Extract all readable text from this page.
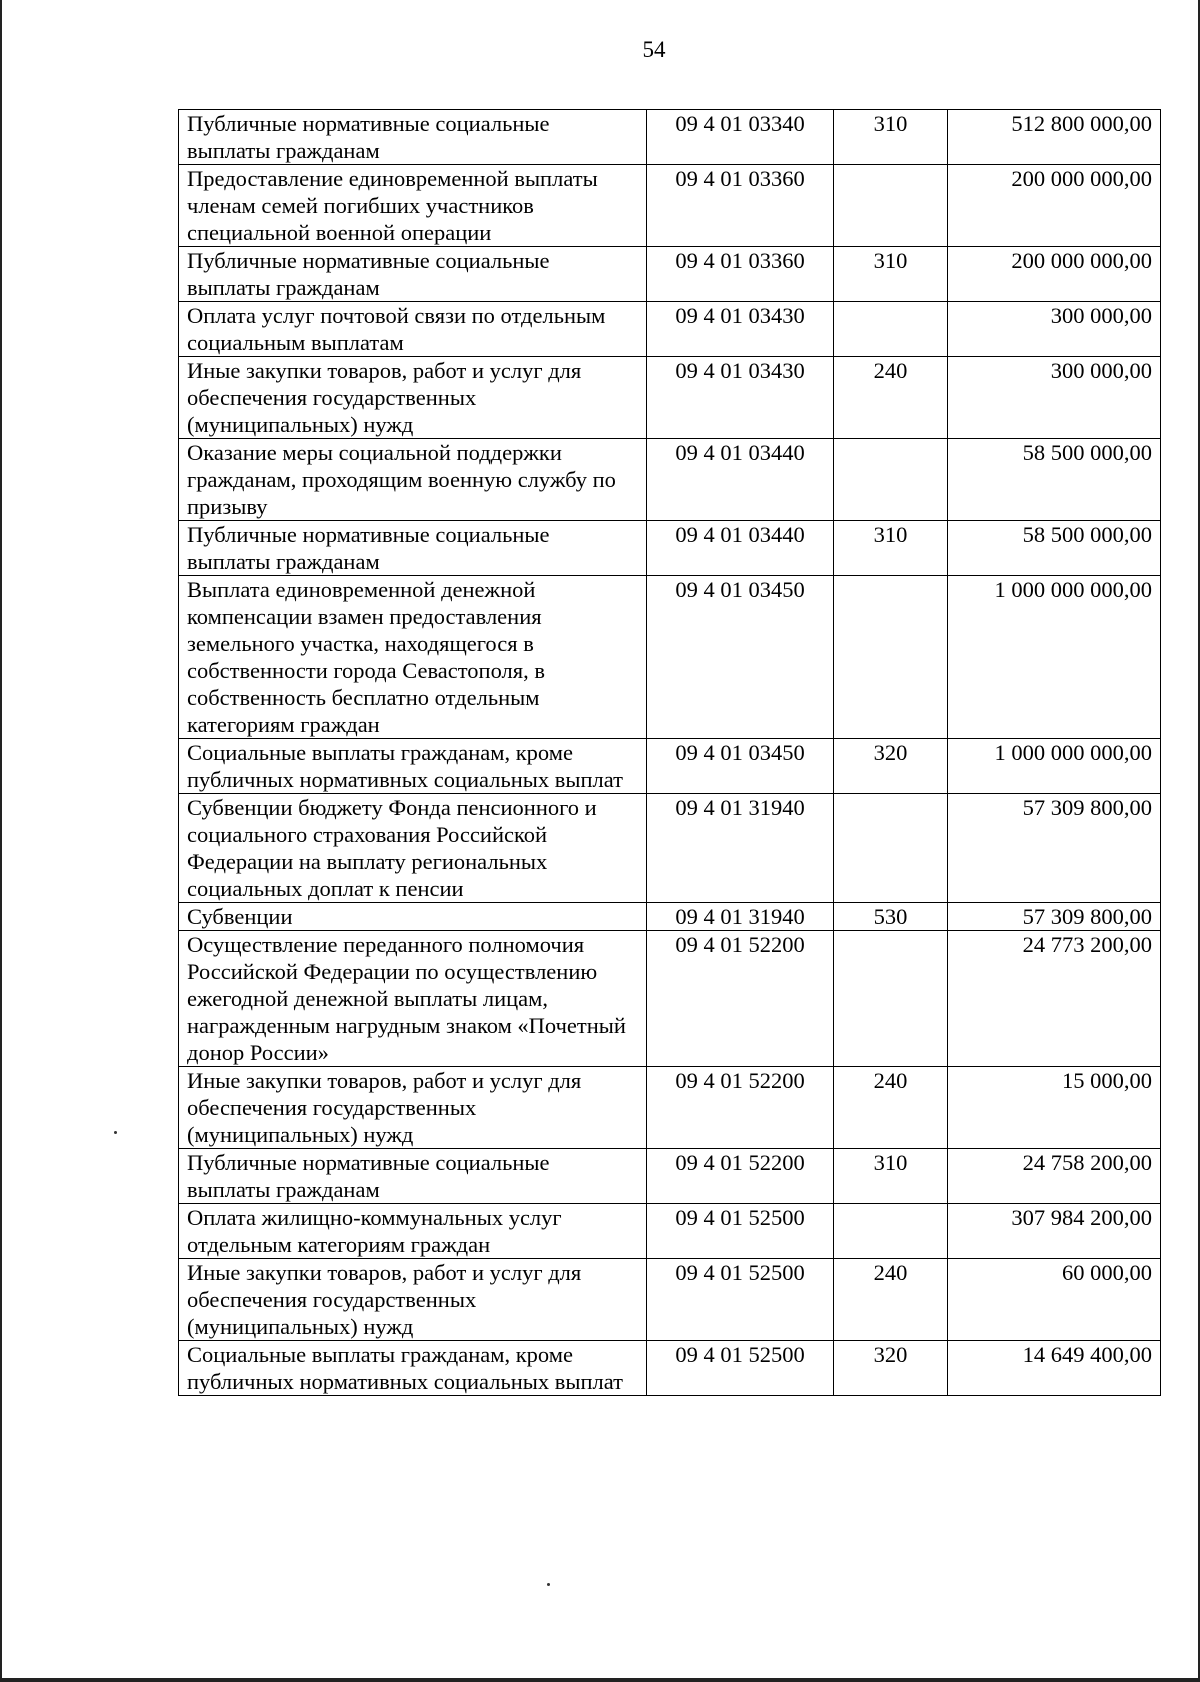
54
Публичные нормативные социальные выплаты гражданам	09 4 01 03340	310	512 800 000,00
Предоставление единовременной выплаты членам семей погибших участников специальной военной операции	09 4 01 03360		200 000 000,00
Публичные нормативные социальные выплаты гражданам	09 4 01 03360	310	200 000 000,00
Оплата услуг почтовой связи по отдельным социальным выплатам	09 4 01 03430		300 000,00
Иные закупки товаров, работ и услуг для обеспечения государственных (муниципальных) нужд	09 4 01 03430	240	300 000,00
Оказание меры социальной поддержки гражданам, проходящим военную службу по призыву	09 4 01 03440		58 500 000,00
Публичные нормативные социальные выплаты гражданам	09 4 01 03440	310	58 500 000,00
Выплата единовременной денежной компенсации взамен предоставления земельного участка, находящегося в собственности города Севастополя, в собственность бесплатно отдельным категориям граждан	09 4 01 03450		1 000 000 000,00
Социальные выплаты гражданам, кроме публичных нормативных социальных выплат	09 4 01 03450	320	1 000 000 000,00
Субвенции бюджету Фонда пенсионного и социального страхования Российской Федерации на выплату региональных социальных доплат к пенсии	09 4 01 31940		57 309 800,00
Субвенции	09 4 01 31940	530	57 309 800,00
Осуществление переданного полномочия Российской Федерации по осуществлению ежегодной денежной выплаты лицам, награжденным нагрудным знаком «Почетный донор России»	09 4 01 52200		24 773 200,00
Иные закупки товаров, работ и услуг для обеспечения государственных (муниципальных) нужд	09 4 01 52200	240	15 000,00
Публичные нормативные социальные выплаты гражданам	09 4 01 52200	310	24 758 200,00
Оплата жилищно-коммунальных услуг отдельным категориям граждан	09 4 01 52500		307 984 200,00
Иные закупки товаров, работ и услуг для обеспечения государственных (муниципальных) нужд	09 4 01 52500	240	60 000,00
Социальные выплаты гражданам, кроме публичных нормативных социальных выплат	09 4 01 52500	320	14 649 400,00
